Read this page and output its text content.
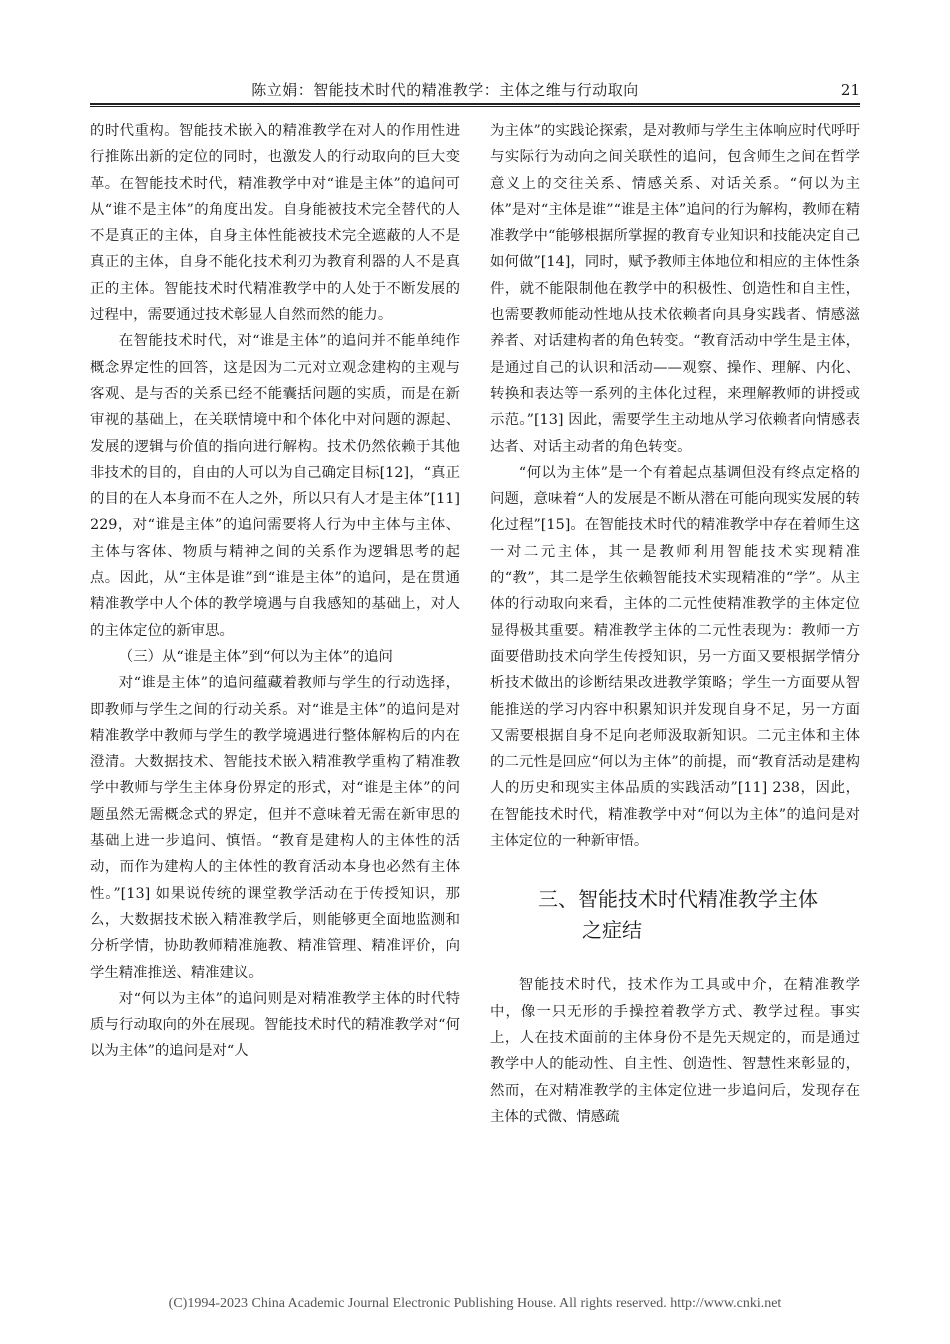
陈立娟：智能技术时代的精准教学：主体之维与行动取向	21

的时代重构。智能技术嵌入的精准教学在对人的作用性进行推陈出新的定位的同时，也激发人的行动取向的巨大变革。在智能技术时代，精准教学中对“谁是主体”的追问可从“谁不是主体”的角度出发。自身能被技术完全替代的人不是真正的主体，自身主体性能被技术完全遮蔽的人不是真正的主体，自身不能化技术利刃为教育利器的人不是真正的主体。智能技术时代精准教学中的人处于不断发展的过程中，需要通过技术彰显人自然而然的能力。

在智能技术时代，对“谁是主体”的追问并不能单纯作概念界定性的回答，这是因为二元对立观念建构的主观与客观、是与否的关系已经不能囊括问题的实质，而是在新审视的基础上，在关联情境中和个体化中对问题的源起、发展的逻辑与价值的指向进行解构。技术仍然依赖于其他非技术的目的，自由的人可以为自己确定目标[12]，“真正的目的在人本身而不在人之外，所以只有人才是主体”[11] 229，对“谁是主体”的追问需要将人行为中主体与主体、主体与客体、物质与精神之间的关系作为逻辑思考的起点。因此，从“主体是谁”到“谁是主体”的追问，是在贯通精准教学中人个体的教学境遇与自我感知的基础上，对人的主体定位的新审思。

（三）从“谁是主体”到“何以为主体”的追问

对“谁是主体”的追问蕴藏着教师与学生的行动选择，即教师与学生之间的行动关系。对“谁是主体”的追问是对精准教学中教师与学生的教学境遇进行整体解构后的内在澄清。大数据技术、智能技术嵌入精准教学重构了精准教学中教师与学生主体身份界定的形式，对“谁是主体”的问题虽然无需概念式的界定，但并不意味着无需在新审思的基础上进一步追问、慎悟。“教育是建构人的主体性的活动，而作为建构人的主体性的教育活动本身也必然有主体性。”[13] 如果说传统的课堂教学活动在于传授知识，那么，大数据技术嵌入精准教学后，则能够更全面地监测和分析学情，协助教师精准施教、精准管理、精准评价，向学生精准推送、精准建议。

对“何以为主体”的追问则是对精准教学主体的时代特质与行动取向的外在展现。智能技术时代的精准教学对“何以为主体”的追问是对“人

为主体”的实践论探索，是对教师与学生主体响应时代呼吁与实际行为动向之间关联性的追问，包含师生之间在哲学意义上的交往关系、情感关系、对话关系。“何以为主体”是对“主体是谁”“谁是主体”追问的行为解构，教师在精准教学中“能够根据所掌握的教育专业知识和技能决定自己如何做”[14]，同时，赋予教师主体地位和相应的主体性条件，就不能限制他在教学中的积极性、创造性和自主性，也需要教师能动性地从技术依赖者向具身实践者、情感滋养者、对话建构者的角色转变。“教育活动中学生是主体，是通过自己的认识和活动——观察、操作、理解、内化、转换和表达等一系列的主体化过程，来理解教师的讲授或示范。”[13] 因此，需要学生主动地从学习依赖者向情感表达者、对话主动者的角色转变。

“何以为主体”是一个有着起点基调但没有终点定格的问题，意味着“人的发展是不断从潜在可能向现实发展的转化过程”[15]。在智能技术时代的精准教学中存在着师生这一对二元主体，其一是教师利用智能技术实现精准的“教”，其二是学生依赖智能技术实现精准的“学”。从主体的行动取向来看，主体的二元性使精准教学的主体定位显得极其重要。精准教学主体的二元性表现为：教师一方面要借助技术向学生传授知识，另一方面又要根据学情分析技术做出的诊断结果改进教学策略；学生一方面要从智能推送的学习内容中积累知识并发现自身不足，另一方面又需要根据自身不足向老师汲取新知识。二元主体和主体的二元性是回应“何以为主体”的前提，而“教育活动是建构人的历史和现实主体品质的实践活动”[11] 238，因此，在智能技术时代，精准教学中对“何以为主体”的追问是对主体定位的一种新审悟。

三、智能技术时代精准教学主体
之症结

智能技术时代，技术作为工具或中介，在精准教学中，像一只无形的手操控着教学方式、教学过程。事实上，人在技术面前的主体身份不是先天规定的，而是通过教学中人的能动性、自主性、创造性、智慧性来彰显的，然而，在对精准教学的主体定位进一步追问后，发现存在主体的式微、情感疏

(C)1994-2023 China Academic Journal Electronic Publishing House. All rights reserved. http://www.cnki.net
